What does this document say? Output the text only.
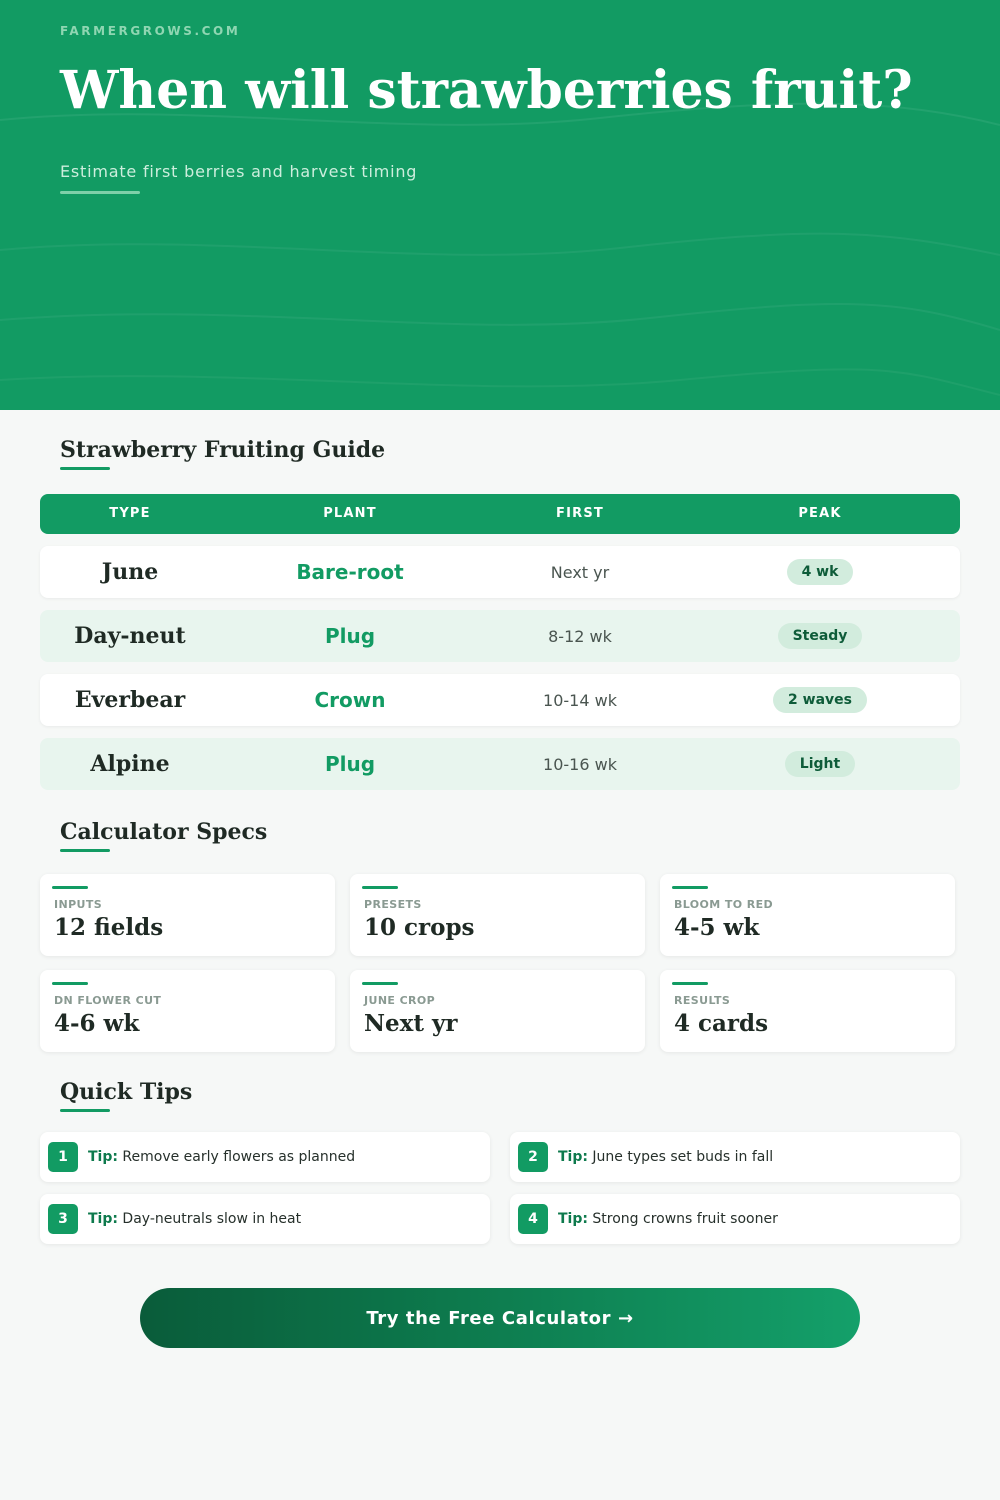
FARMERGROWS.COM
When will strawberries fruit?
Estimate first berries and harvest timing
Strawberry Fruiting Guide
TYPE	PLANT	FIRST	PEAK
June	Bare-root	Next yr	4 wk
Day-neut	Plug	8-12 wk	Steady
Everbear	Crown	10-14 wk	2 waves
Alpine	Plug	10-16 wk	Light
Calculator Specs
INPUTS
12 fields
PRESETS
10 crops
BLOOM TO RED
4-5 wk
DN FLOWER CUT
4-6 wk
JUNE CROP
Next yr
RESULTS
4 cards
Quick Tips
1	Tip: Remove early flowers as planned	2	Tip: June types set buds in fall
3	Tip: Day-neutrals slow in heat	4	Tip: Strong crowns fruit sooner
Try the Free Calculator →
